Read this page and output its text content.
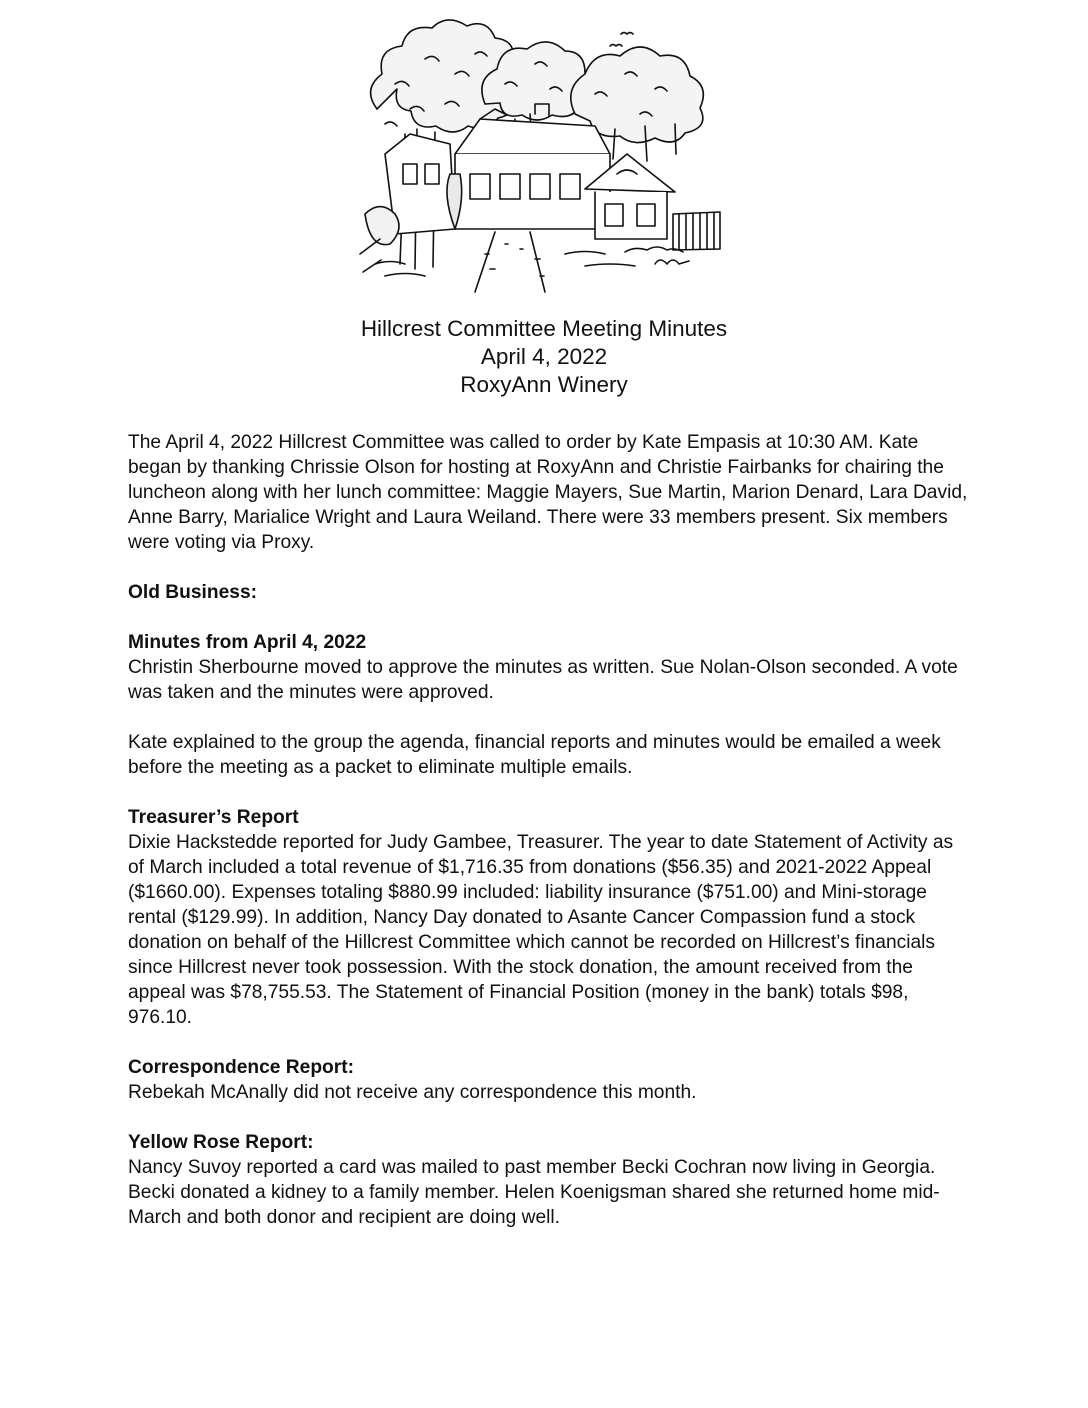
Hillcrest Committee Meeting Minutes
April 4, 2022
RoxyAnn Winery

The April 4, 2022 Hillcrest Committee was called to order by Kate Empasis at 10:30 AM. Kate began by thanking Chrissie Olson for hosting at RoxyAnn and Christie Fairbanks for chairing the luncheon along with her lunch committee: Maggie Mayers, Sue Martin, Marion Denard, Lara David, Anne Barry, Marialice Wright and Laura Weiland. There were 33 members present. Six members were voting via Proxy.

Old Business:

Minutes from April 4, 2022
Christin Sherbourne moved to approve the minutes as written. Sue Nolan-Olson seconded. A vote was taken and the minutes were approved.

Kate explained to the group the agenda, financial reports and minutes would be emailed a week before the meeting as a packet to eliminate multiple emails.

Treasurer’s Report
Dixie Hackstedde reported for Judy Gambee, Treasurer. The year to date Statement of Activity as of March included a total revenue of $1,716.35 from donations ($56.35) and 2021-2022 Appeal ($1660.00). Expenses totaling $880.99 included: liability insurance ($751.00) and Mini-storage rental ($129.99). In addition, Nancy Day donated to Asante Cancer Compassion fund a stock donation on behalf of the Hillcrest Committee which cannot be recorded on Hillcrest’s financials since Hillcrest never took possession. With the stock donation, the amount received from the appeal was $78,755.53. The Statement of Financial Position (money in the bank) totals $98, 976.10.

Correspondence Report:
Rebekah McAnally did not receive any correspondence this month.

Yellow Rose Report:
Nancy Suvoy reported a card was mailed to past member Becki Cochran now living in Georgia. Becki donated a kidney to a family member. Helen Koenigsman shared she returned home mid-March and both donor and recipient are doing well.
